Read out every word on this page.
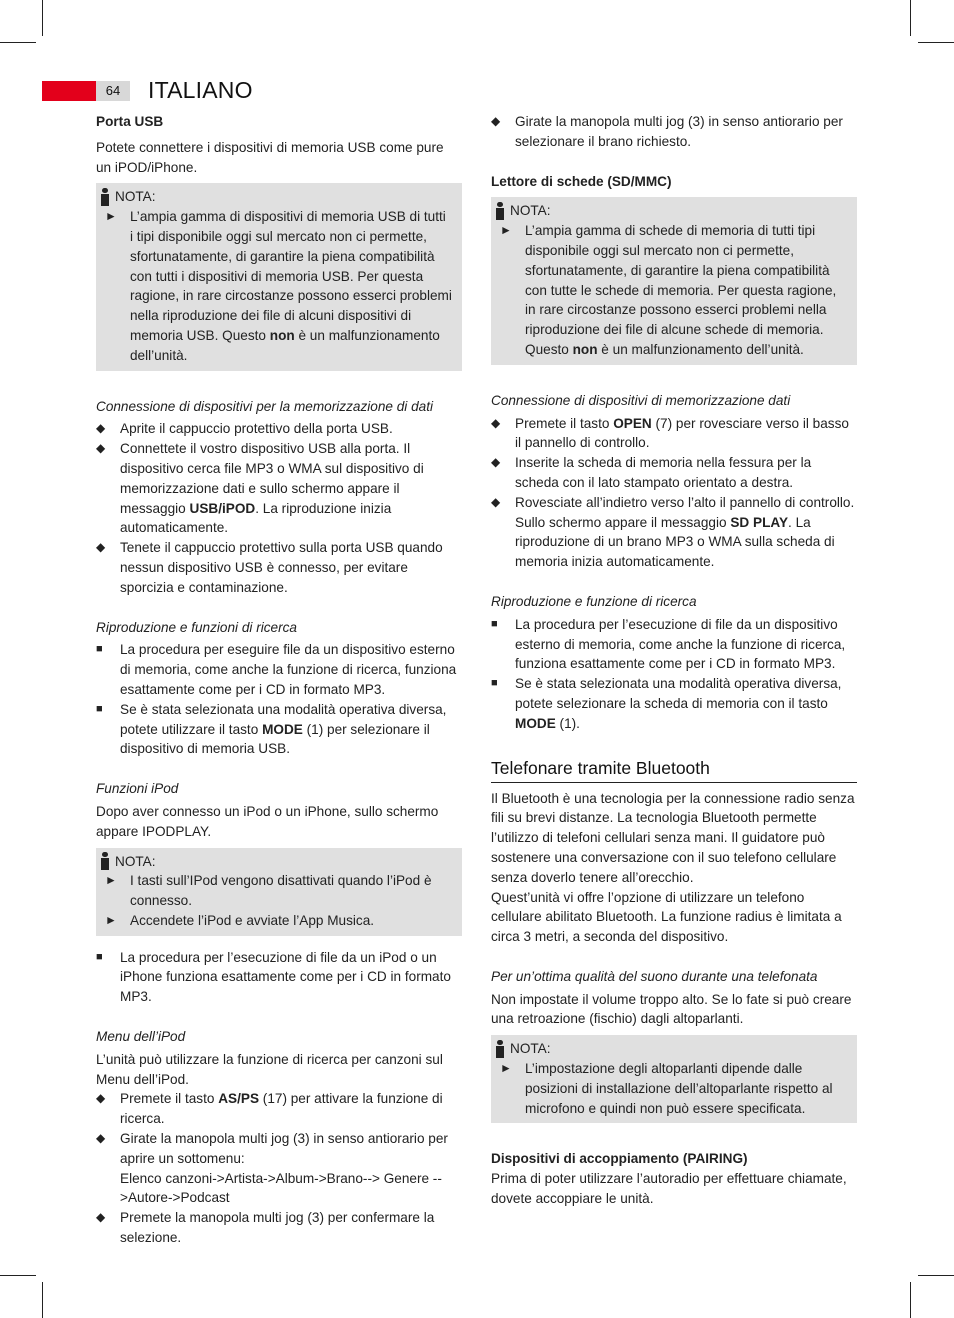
64	ITALIANO
Porta USB
Potete connettere i dispositivi di memoria USB come pure un iPOD/iPhone.
NOTA:
► L’ampia gamma di dispositivi di memoria USB di tutti i tipi disponibile oggi sul mercato non ci permette, sfortunatamente, di garantire la piena compatibilità con tutti i dispositivi di memoria USB. Per questa ragione, in rare circostanze possono esserci problemi nella riproduzione dei file di alcuni dispositivi di memoria USB. Questo non è un malfunzionamento dell’unità.
Connessione di dispositivi per la memorizzazione di dati
◆	Aprite il cappuccio protettivo della porta USB.
◆	Connettete il vostro dispositivo USB alla porta. Il dispositivo cerca file MP3 o WMA sul dispositivo di memorizzazione dati e sullo schermo appare il messaggio USB/iPOD. La riproduzione inizia automaticamente.
◆	Tenete il cappuccio protettivo sulla porta USB quando nessun dispositivo USB è connesso, per evitare sporcizia e contaminazione.
Riproduzione e funzioni di ricerca
■	La procedura per eseguire file da un dispositivo esterno di memoria, come anche la funzione di ricerca, funziona esattamente come per i CD in formato MP3.
■	Se è stata selezionata una modalità operativa diversa, potete utilizzare il tasto MODE (1) per selezionare il dispositivo di memoria USB.
Funzioni iPod
Dopo aver connesso un iPod o un iPhone, sullo schermo appare IPODPLAY.
NOTA:
► I tasti sull’IPod vengono disattivati quando l’iPod è connesso.
► Accendete l’iPod e avviate l’App Musica.
■	La procedura per l’esecuzione di file da un iPod o un iPhone funziona esattamente come per i CD in formato MP3.
Menu dell’iPod
L’unità può utilizzare la funzione di ricerca per canzoni sul Menu dell’iPod.
◆	Premete il tasto AS/PS (17) per attivare la funzione di ricerca.
◆	Girate la manopola multi jog (3) in senso antiorario per aprire un sottomenu:
Elenco canzoni->Artista->Album->Brano--> Genere -->Autore->Podcast
◆	Premete la manopola multi jog (3) per confermare la selezione.
◆	Girate la manopola multi jog (3) in senso antiorario per selezionare il brano richiesto.
Lettore di schede (SD/MMC)
NOTA:
► L’ampia gamma di schede di memoria di tutti tipi disponibile oggi sul mercato non ci permette, sfortunatamente, di garantire la piena compatibilità con tutte le schede di memoria. Per questa ragione, in rare circostanze possono esserci problemi nella riproduzione dei file di alcune schede di memoria. Questo non è un malfunzionamento dell’unità.
Connessione di dispositivi di memorizzazione dati
◆	Premete il tasto OPEN (7) per rovesciare verso il basso il pannello di controllo.
◆	Inserite la scheda di memoria nella fessura per la scheda con il lato stampato orientato a destra.
◆	Rovesciate all’indietro verso l’alto il pannello di controllo. Sullo schermo appare il messaggio SD PLAY. La riproduzione di un brano MP3 o WMA sulla scheda di memoria inizia automaticamente.
Riproduzione e funzione di ricerca
■	La procedura per l’esecuzione di file da un dispositivo esterno di memoria, come anche la funzione di ricerca, funziona esattamente come per i CD in formato MP3.
■	Se è stata selezionata una modalità operativa diversa, potete selezionare la scheda di memoria con il tasto MODE (1).
Telefonare tramite Bluetooth
Il Bluetooth è una tecnologia per la connessione radio senza fili su brevi distanze. La tecnologia Bluetooth permette l’utilizzo di telefoni cellulari senza mani. Il guidatore può sostenere una conversazione con il suo telefono cellulare senza doverlo tenere all’orecchio.
Quest’unità vi offre l’opzione di utilizzare un telefono cellulare abilitato Bluetooth. La funzione radius è limitata a circa 3 metri, a seconda del dispositivo.
Per un’ottima qualità del suono durante una telefonata
Non impostate il volume troppo alto. Se lo fate si può creare una retroazione (fischio) dagli altoparlanti.
NOTA:
► L’impostazione degli altoparlanti dipende dalle posizioni di installazione dell’altoparlante rispetto al microfono e quindi non può essere specificata.
Dispositivi di accoppiamento (PAIRING)
Prima di poter utilizzare l’autoradio per effettuare chiamate, dovete accoppiare le unità.
